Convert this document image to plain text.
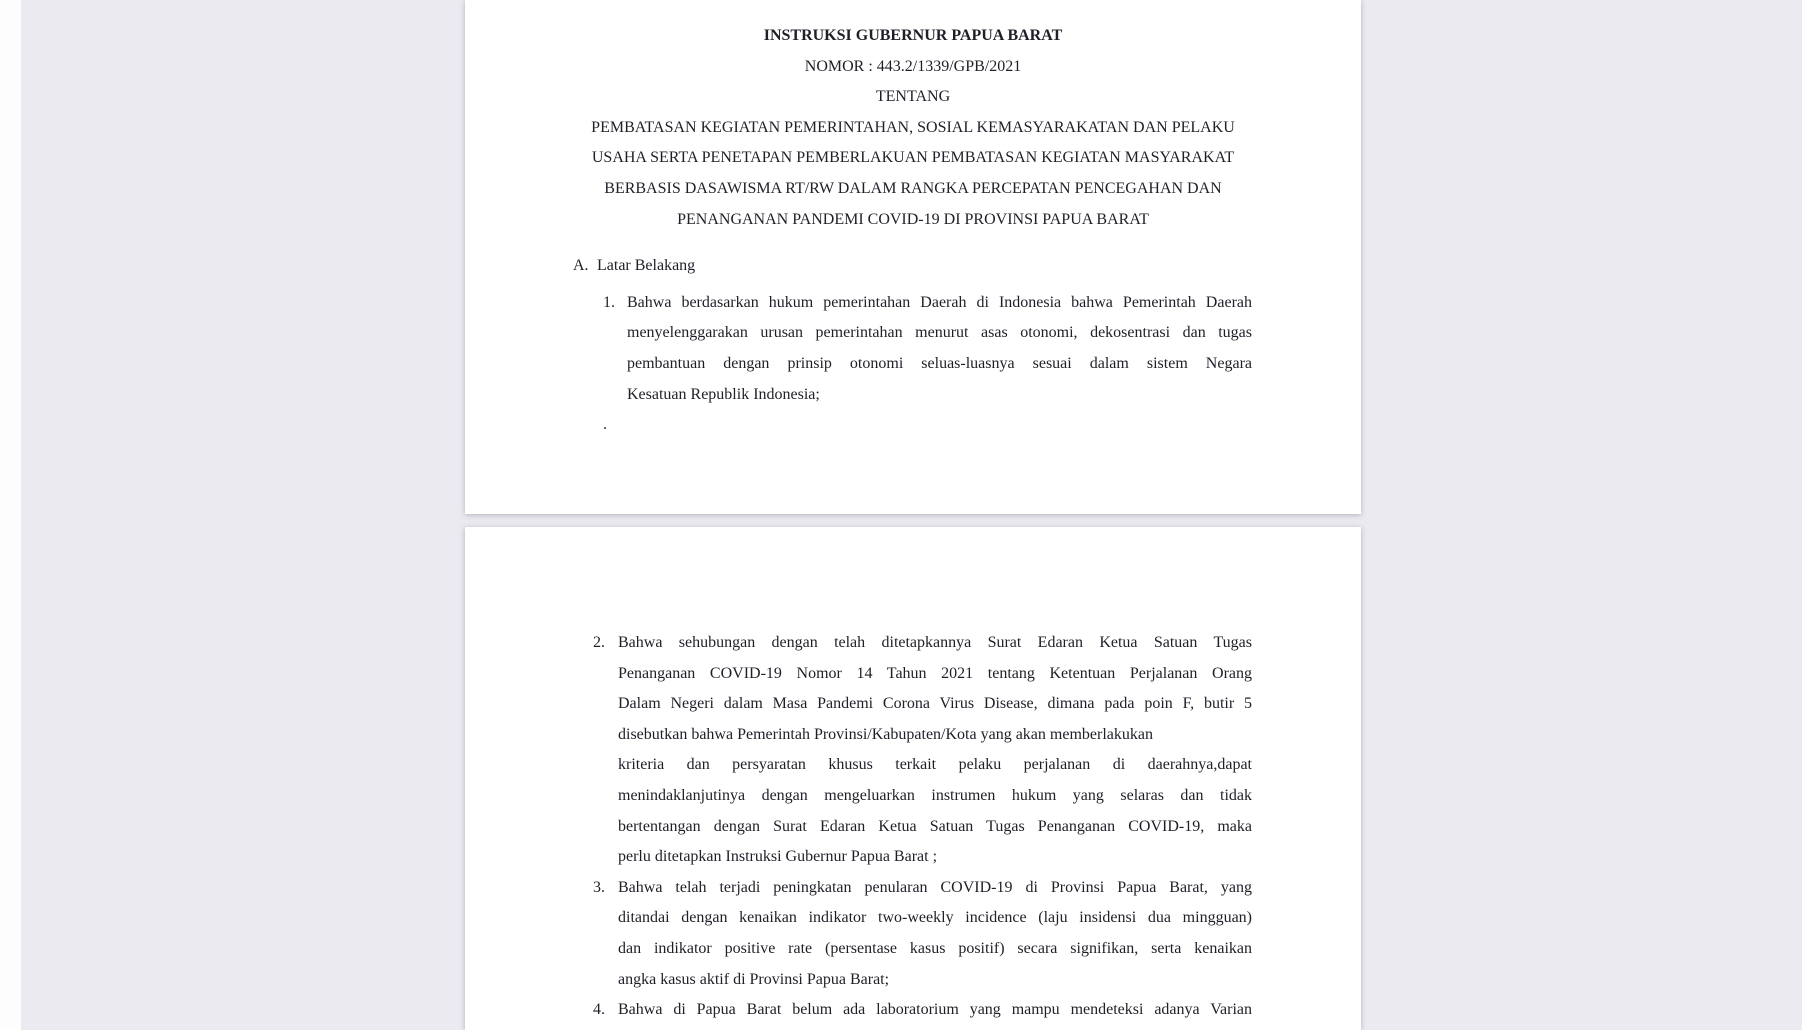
INSTRUKSI GUBERNUR PAPUA BARAT
NOMOR : 443.2/1339/GPB/2021
TENTANG
PEMBATASAN KEGIATAN PEMERINTAHAN, SOSIAL KEMASYARAKATAN DAN PELAKU
USAHA SERTA PENETAPAN PEMBERLAKUAN PEMBATASAN KEGIATAN MASYARAKAT
BERBASIS DASAWISMA RT/RW DALAM RANGKA PERCEPATAN PENCEGAHAN DAN
PENANGANAN PANDEMI COVID-19 DI PROVINSI PAPUA BARAT
A. Latar Belakang
1. Bahwa berdasarkan hukum pemerintahan Daerah di Indonesia bahwa Pemerintah Daerah
menyelenggarakan urusan pemerintahan menurut asas otonomi, dekosentrasi dan tugas
pembantuan dengan prinsip otonomi seluas-luasnya sesuai dalam sistem Negara
Kesatuan Republik Indonesia;
.
2. Bahwa sehubungan dengan telah ditetapkannya Surat Edaran Ketua Satuan Tugas
Penanganan COVID-19 Nomor 14 Tahun 2021 tentang Ketentuan Perjalanan Orang
Dalam Negeri dalam Masa Pandemi Corona Virus Disease, dimana pada poin F, butir 5
disebutkan bahwa Pemerintah Provinsi/Kabupaten/Kota yang akan memberlakukan
kriteria dan persyaratan khusus terkait pelaku perjalanan di daerahnya,dapat
menindaklanjutinya dengan mengeluarkan instrumen hukum yang selaras dan tidak
bertentangan dengan Surat Edaran Ketua Satuan Tugas Penanganan COVID-19, maka
perlu ditetapkan Instruksi Gubernur Papua Barat ;
3. Bahwa telah terjadi peningkatan penularan COVID-19 di Provinsi Papua Barat, yang
ditandai dengan kenaikan indikator two-weekly incidence (laju insidensi dua mingguan)
dan indikator positive rate (persentase kasus positif) secara signifikan, serta kenaikan
angka kasus aktif di Provinsi Papua Barat;
4. Bahwa di Papua Barat belum ada laboratorium yang mampu mendeteksi adanya Varian
